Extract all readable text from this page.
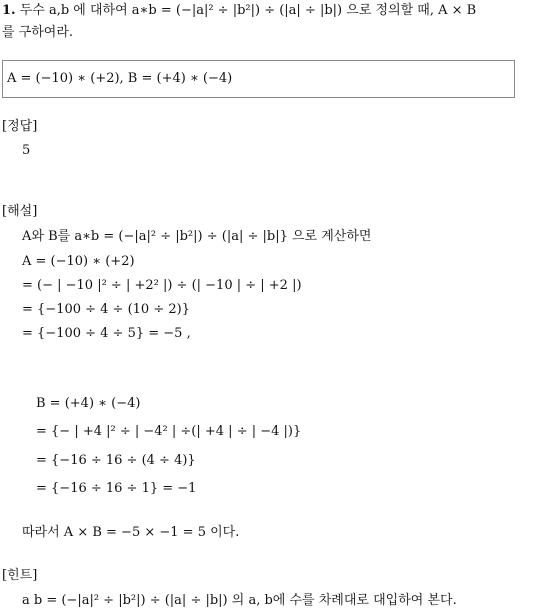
1. 두수 a,b 에 대하여 a∗b = (−|a|² ÷ |b²|) ÷ (|a| ÷ |b|) 으로 정의할 때, A × B
를 구하여라.
A = (−10) ∗ (+2), B = (+4) ∗ (−4)
[정답]
5
[해설]
A와 B를 a∗b = (−|a|² ÷ |b²|) ÷ (|a| ÷ |b|} 으로 계산하면
A = (−10) ∗ (+2)
= (− | −10 |² ÷ | +2² |) ÷ (| −10 | ÷ | +2 |)
= {−100 ÷ 4 ÷ (10 ÷ 2)}
= {−100 ÷ 4 ÷ 5} = −5 ,
B = (+4) ∗ (−4)
= {− | +4 |² ÷ | −4² | ÷(| +4 | ÷ | −4 |)}
= {−16 ÷ 16 ÷ (4 ÷ 4)}
= {−16 ÷ 16 ÷ 1} = −1
따라서 A × B = −5 × −1 = 5 이다.
[힌트]
a b = (−|a|² ÷ |b²|) ÷ (|a| ÷ |b|) 의 a, b에 수를 차례대로 대입하여 본다.
